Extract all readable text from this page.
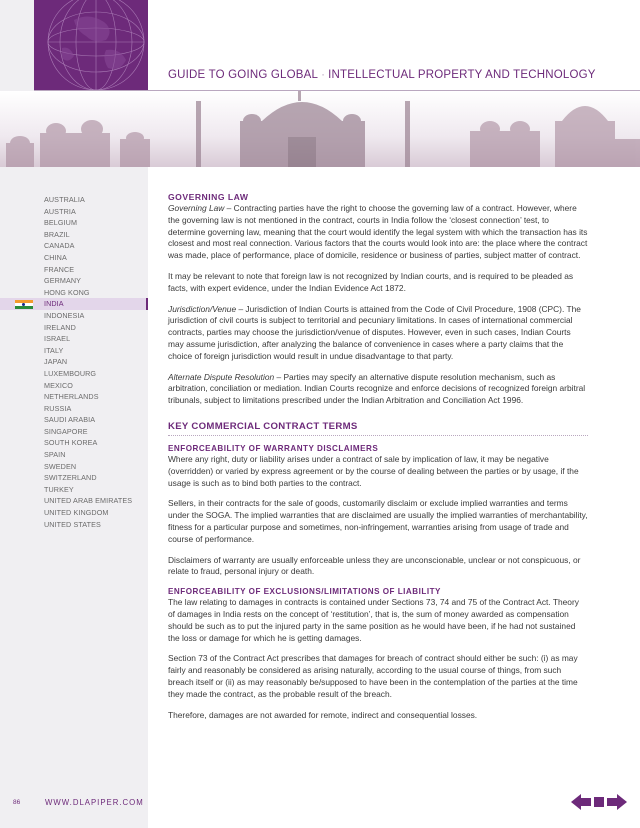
GUIDE TO GOING GLOBAL · INTELLECTUAL PROPERTY AND TECHNOLOGY
AUSTRALIA
AUSTRIA
BELGIUM
BRAZIL
CANADA
CHINA
FRANCE
GERMANY
HONG KONG
INDIA
INDONESIA
IRELAND
ISRAEL
ITALY
JAPAN
LUXEMBOURG
MEXICO
NETHERLANDS
RUSSIA
SAUDI ARABIA
SINGAPORE
SOUTH KOREA
SPAIN
SWEDEN
SWITZERLAND
TURKEY
UNITED ARAB EMIRATES
UNITED KINGDOM
UNITED STATES
GOVERNING LAW

Governing Law – Contracting parties have the right to choose the governing law of a contract. However, where the governing law is not mentioned in the contract, courts in India follow the ‘closest connection’ test, to determine governing law, meaning that the court would identify the legal system with which the transaction has its closest and most real connection. Various factors that the courts would look into are: the place where the contract was made, place of performance, place of domicile, residence or business of parties, subject matter of contract.

It may be relevant to note that foreign law is not recognized by Indian courts, and is required to be pleaded as facts, with expert evidence, under the Indian Evidence Act 1872.

Jurisdiction/Venue – Jurisdiction of Indian Courts is attained from the Code of Civil Procedure, 1908 (CPC). The jurisdiction of civil courts is subject to territorial and pecuniary limitations. In cases of international commercial contracts, parties may choose the jurisdiction/venue of disputes. However, even in such cases, Indian Courts may assume jurisdiction, after analyzing the balance of convenience in cases where a party claims that the choice of foreign jurisdiction would result in undue disadvantage to that party.

Alternate Dispute Resolution – Parties may specify an alternative dispute resolution mechanism, such as arbitration, conciliation or mediation. Indian Courts recognize and enforce decisions of recognized foreign arbitral tribunals, subject to limitations prescribed under the Indian Arbitration and Conciliation Act 1996.

KEY COMMERCIAL CONTRACT TERMS
ENFORCEABILITY OF WARRANTY DISCLAIMERS

Where any right, duty or liability arises under a contract of sale by implication of law, it may be negative (overridden) or varied by express agreement or by the course of dealing between the parties or by usage, if the usage is such as to bind both parties to the contract.

Sellers, in their contracts for the sale of goods, customarily disclaim or exclude implied warranties and terms under the SOGA. The implied warranties that are disclaimed are usually the implied warranties of merchantability, fitness for a particular purpose and sometimes, non-infringement, warranties arising from usage of trade and course of performance.

Disclaimers of warranty are usually enforceable unless they are unconscionable, unclear or not conspicuous, or relate to fraud, personal injury or death.

ENFORCEABILITY OF EXCLUSIONS/LIMITATIONS OF LIABILITY

The law relating to damages in contracts is contained under Sections 73, 74 and 75 of the Contract Act. Theory of damages in India rests on the concept of ‘restitution’, that is, the sum of money awarded as compensation should be such as to put the injured party in the same position as he would have been, if he had not sustained the loss or damage for which he is getting damages.

Section 73 of the Contract Act prescribes that damages for breach of contract should either be such: (i) as may fairly and reasonably be considered as arising naturally, according to the usual course of things, from such breach itself or (ii) as may reasonably be/supposed to have been in the contemplation of the parties at the time they made the contract, as the probable result of the breach.

Therefore, damages are not awarded for remote, indirect and consequential losses.

86	WWW.DLAPIPER.COM
